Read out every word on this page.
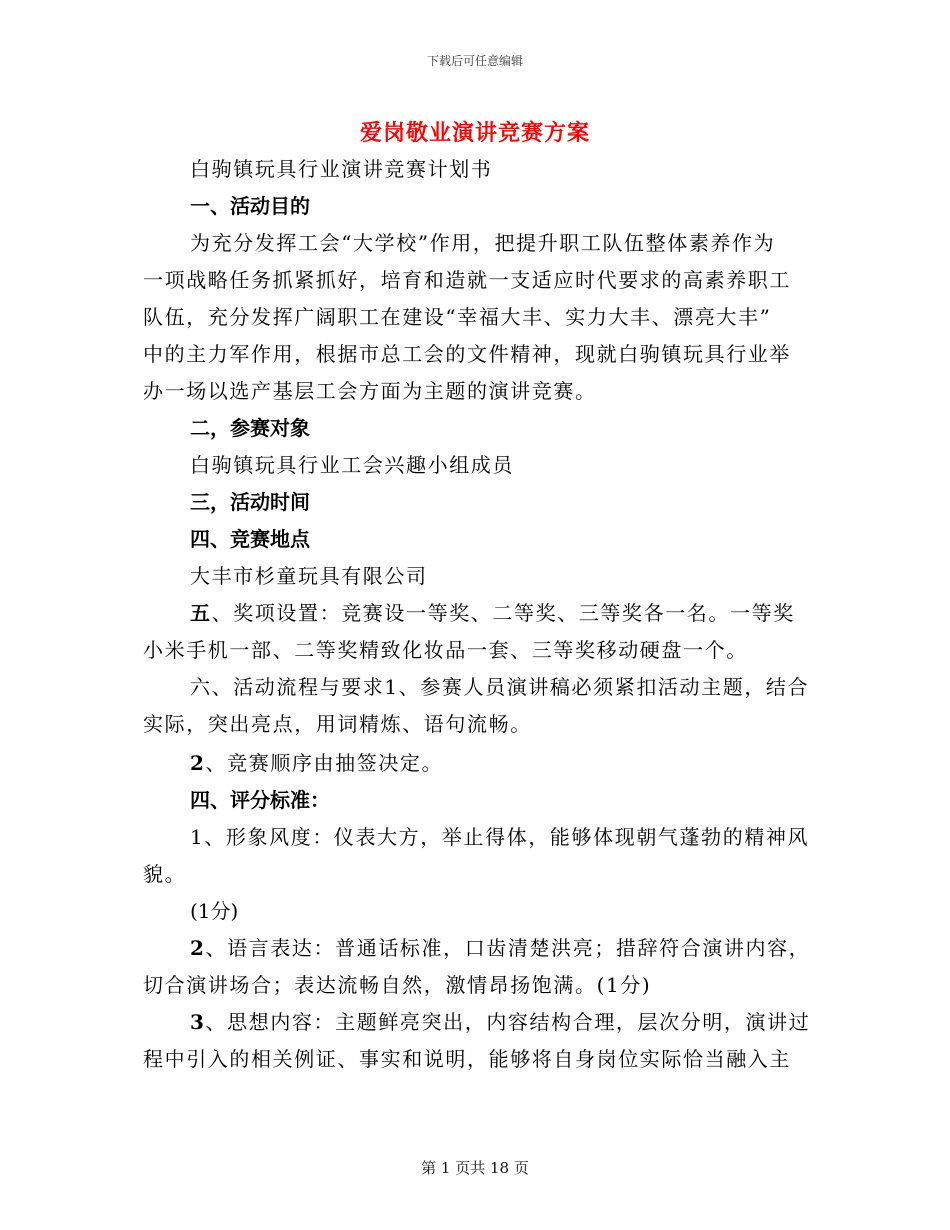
下载后可任意编辑
爱岗敬业演讲竞赛方案
白驹镇玩具行业演讲竞赛计划书
一、活动目的
为充分发挥工会“大学校”作用，把提升职工队伍整体素养作为
一项战略任务抓紧抓好，培育和造就一支适应时代要求的高素养职工
队伍，充分发挥广阔职工在建设“幸福大丰、实力大丰、漂亮大丰”
中的主力军作用，根据市总工会的文件精神，现就白驹镇玩具行业举
办一场以选产基层工会方面为主题的演讲竞赛。
二，参赛对象
白驹镇玩具行业工会兴趣小组成员
三，活动时间
四、竞赛地点
大丰市杉童玩具有限公司
五、奖项设置：竞赛设一等奖、二等奖、三等奖各一名。一等奖
小米手机一部、二等奖精致化妆品一套、三等奖移动硬盘一个。
六、活动流程与要求1、参赛人员演讲稿必须紧扣活动主题，结合
实际，突出亮点，用词精炼、语句流畅。
2、竞赛顺序由抽签决定。
四、评分标准：
1、形象风度：仪表大方，举止得体，能够体现朝气蓬勃的精神风
貌。
(1分)
2、语言表达：普通话标准，口齿清楚洪亮；措辞符合演讲内容，
切合演讲场合；表达流畅自然，激情昂扬饱满。(1分)
3、思想内容：主题鲜亮突出，内容结构合理，层次分明，演讲过
程中引入的相关例证、事实和说明，能够将自身岗位实际恰当融入主
第 1 页共 18 页
